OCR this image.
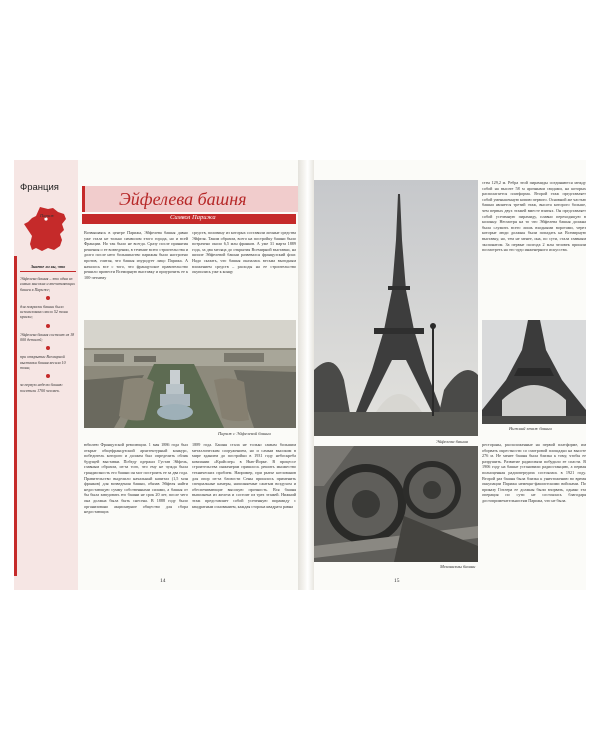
Франция
Париж
Знаете ли вы, что
Эйфелева башня – это одна из самых высоких и впечатляющих башен в Париже;
для покраски башни было использовано около 52 тонн краски;
Эйфелева башня состоит из 18 000 деталей;
при открытии Всемирной выставки башня весила 10 тонн;
за первую неделю башню посетили 1700 человек.
Эйфелева башня
Символ Парижа
Возвышаясь в центре Парижа, Эйфелева башня давно уже стала не только символом этого города, но и всей Франции. Но так было не всегда. Сразу после принятия решения о ее возведении, в течение всего строительства и долго после него большинство парижан было настроено против, считая, что башня изуродует лицо Парижа. А началось все с того, что французское правительство решило провести Всемирную выставку и приурочить ее к 100-летнему
средств, половину из которых составили личные средства Эйфеля. Таким образом, всего на постройку башни было потрачено около 6,5 млн франков. А уже 31 марта 1889 года, за два месяца до открытия Всемирной выставки, на шпиле Эйфелевой башни развевался французский флаг. Надо сказать, что башня оказалась весьма выгодным вложением средств – расходы на ее строительство окупились уже к концу
Париж с Эйфелевой башни
юбилею Французской революции. 1 мая 1886 года был открыт общефранцузский архитектурный конкурс, победитель которого и должен был определить облик будущей выставки. Победу одержал Густав Эйфель, главным образом, из-за того, что ему не чужда была грандиозность его башни он мог построить ее за два года. Правительство выделило начальный капитал (1,5 млн франков) для возведения башни, обязав Эйфеля найти недостающую сумму собственными силами, а башня от бы была заведовать его башни не срок 20 лет, после чего она должна была быть снесена. В 1888 году было организовано акционерное общество для сбора недостающих
1889 года. Башня стала не только самым большим металлическим сооружением, но и самым высоким в мире зданием до постройки в 1931 году небоскреба компании «Крайслер» в Нью-Йорке. В процессе строительства инженерам пришлось решить множество технических проблем. Например, при рытье котлованов для опор из-за близости Сены пришлось применить специальные камеры, наполняемые сжатым воздухом и обеспечивающие высокую прочность. Вся башня выполнена из железа и состоит из трех этажей. Нижний этаж представляет собой усеченную пирамиду с квадратным основанием, каждая сторона квадрата равна
14
стен 129,2 м. Ребра этой пирамиды соединяются между собой на высоте 58 м арочными сводами, на которых располагается платформа. Второй этаж представляет собой уменьшенную копию первого. Основной же частью башни является третий этаж, высота которого больше, чем первых двух этажей вместе взятых. Он представляет собой усеченную пирамиду, плавно переходящую в колонну. Несмотря на то что Эйфелева башня должна была служить всего лишь входными воротами, через которые люди должны были попадать на Всемирную выставку, но, тем не менее, она, по сути, стала главным экспонатом. За первые полгода 2 млн человек пришли посмотреть на это чудо инженерного искусства.
Нижний этаж башни
Эйфелева башня
Механизмы башни
рестораны, расположенные на первой платформе, им оборвать окрестности со смотровой площадки на высоте 276 м. Не менее башня была близка к тому, чтобы ее разрушить. Развитие радиосвязи побудило ее спасти. В 1906 году на башне установили радиостанцию, а первая полноценная радиопередача состоялась в 1921 году. Второй раз башня была близка к уничтожению во время оккупации Парижа немецко-фашистскими войсками. По приказу Гитлера ее должны были взорвать, однако эта операция по сути не состоялась благодаря достопримечательностям Парижа, что не была.
15
